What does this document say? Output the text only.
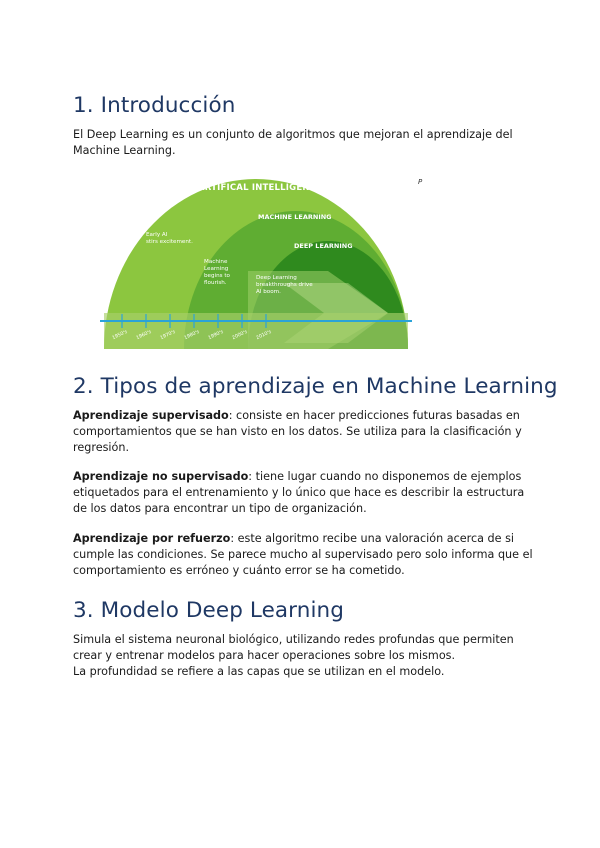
1. Introducción

El Deep Learning es un conjunto de algoritmos que mejoran el aprendizaje del Machine Learning.

ARTIFICAL INTELLIGENCE
MACHINE LEARNING
DEEP LEARNING
Early AI
stirs excitement.
Machine
Learning
begins to
flourish.
Deep Learning
breakthroughs drive
AI boom.
1950's 1960's 1970's 1980's 1990's 2000's 2010's
P
2. Tipos de aprendizaje en Machine Learning

Aprendizaje supervisado: consiste en hacer predicciones futuras basadas en comportamientos que se han visto en los datos. Se utiliza para la clasificación y regresión.

Aprendizaje no supervisado: tiene lugar cuando no disponemos de ejemplos etiquetados para el entrenamiento y lo único que hace es describir la estructura de los datos para encontrar un tipo de organización.

Aprendizaje por refuerzo: este algoritmo recibe una valoración acerca de si cumple las condiciones. Se parece mucho al supervisado pero solo informa que el comportamiento es erróneo y cuánto error se ha cometido.

3. Modelo Deep Learning

Simula el sistema neuronal biológico, utilizando redes profundas que permiten crear y entrenar modelos para hacer operaciones sobre los mismos.

La profundidad se refiere a las capas que se utilizan en el modelo.
